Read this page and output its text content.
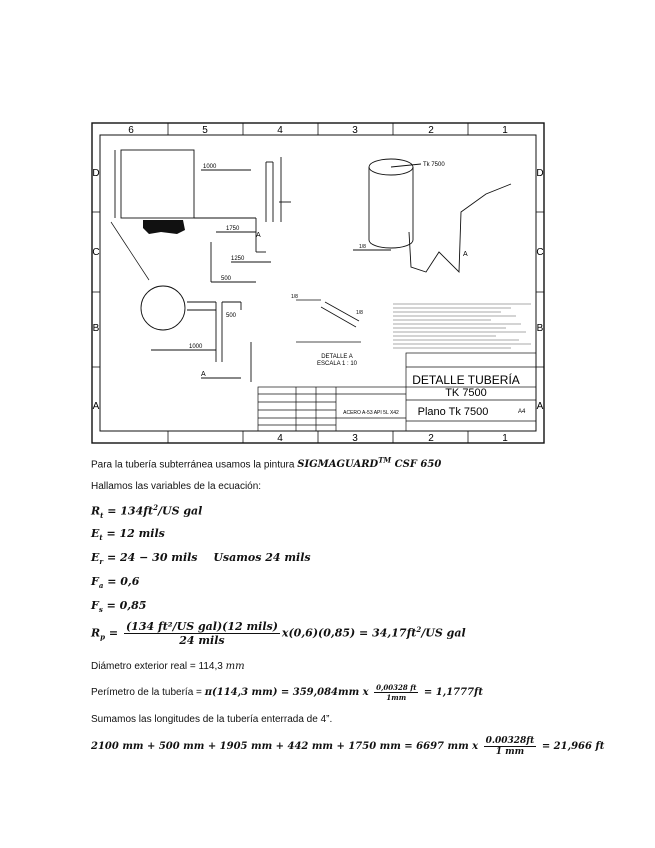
6	5	4	3	2	1
4	3	2	1
D
C
B
A
D
C
B
A
1000
1750
1250
500
A
500
1000
A
Tk 7500
1/8
A
1/8
1/8
DETALLE A
ESCALA 1 : 10
DETALLE TUBERÍA
TK 7500
Plano Tk 7500	A4
ACERO A-53 API 5L X42
Para la tubería subterránea usamos la pintura SIGMAGUARD™ CSF 650
Hallamos las variables de la ecuación:
$R_t = 134ft^2/US$ gal
$E_t = 12$ mils
$E_r = 24 - 30$ mils Usamos 24 mils
$F_a = 0,6$
$F_s = 0,85$
$R_p = \frac{\text{(134 ft²/US gal)(12 mils)}}{\text{24 mils}} x(0,6)(0,85) = 34,17ft^2/US$ gal
Diámetro exterior real = 114,3 mm
Perímetro de la tubería = π(114,3 mm) = 359,084mm x $\frac{0,00328 ft}{1mm} = 1,1777ft$
Sumamos las longitudes de la tubería enterrada de 4”.
2100 mm + 500 mm + 1905 mm + 442 mm + 1750 mm = 6697 mm x $\frac{0.00328ft}{1 mm} = 21,966$ ft
